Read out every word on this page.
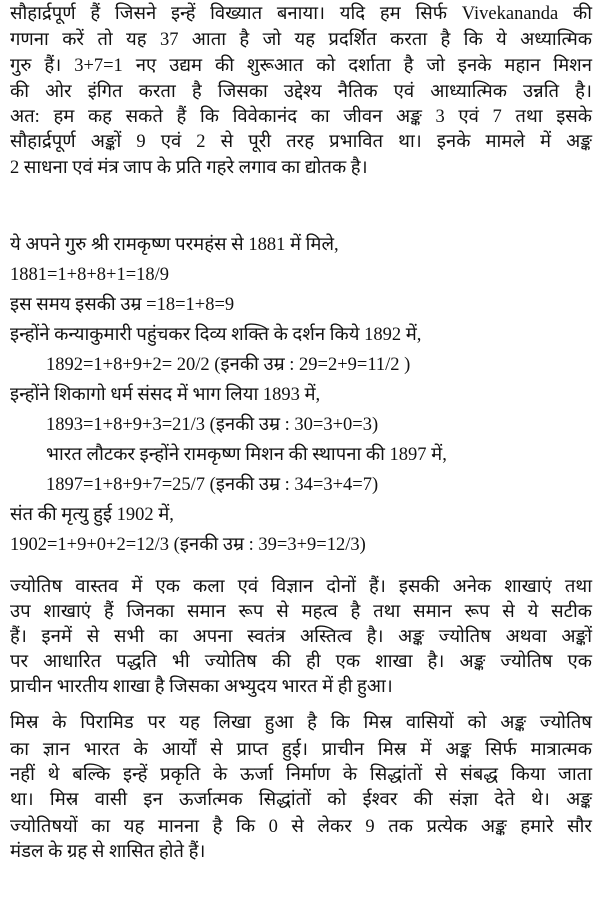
सौहार्द्रपूर्ण हैं जिसने इन्हें विख्यात बनाया। यदि हम सिर्फ Vivekananda की
गणना करें तो यह 37 आता है जो यह प्रदर्शित करता है कि ये अध्यात्मिक
गुरु हैं। 3+7=1 नए उद्यम की शुरूआत को दर्शाता है जो इनके महान मिशन
की ओर इंगित करता है जिसका उद्देश्य नैतिक एवं आध्यात्मिक उन्नति है।
अत: हम कह सकते हैं कि विवेकानंद का जीवन अङ्क 3 एवं 7 तथा इसके
सौहार्द्रपूर्ण अङ्कों 9 एवं 2 से पूरी तरह प्रभावित था। इनके मामले में अङ्क
2 साधना एवं मंत्र जाप के प्रति गहरे लगाव का द्योतक है।
ये अपने गुरु श्री रामकृष्ण परमहंस से 1881 में मिले,
1881=1+8+8+1=18/9
इस समय इसकी उम्र =18=1+8=9
इन्होंने कन्याकुमारी पहुंचकर दिव्य शक्ति के दर्शन किये 1892 में,
1892=1+8+9+2= 20/2 (इनकी उम्र : 29=2+9=11/2 )
इन्होंने शिकागो धर्म संसद में भाग लिया 1893 में,
1893=1+8+9+3=21/3 (इनकी उम्र : 30=3+0=3)
भारत लौटकर इन्होंने रामकृष्ण मिशन की स्थापना की 1897 में,
1897=1+8+9+7=25/7 (इनकी उम्र : 34=3+4=7)
संत की मृत्यु हुई 1902 में,
1902=1+9+0+2=12/3 (इनकी उम्र : 39=3+9=12/3)
ज्योतिष वास्तव में एक कला एवं विज्ञान दोनों हैं। इसकी अनेक शाखाएं तथा
उप शाखाएं हैं जिनका समान रूप से महत्व है तथा समान रूप से ये सटीक
हैं। इनमें से सभी का अपना स्वतंत्र अस्तित्व है। अङ्क ज्योतिष अथवा अङ्कों
पर आधारित पद्धति भी ज्योतिष की ही एक शाखा है। अङ्क ज्योतिष एक
प्राचीन भारतीय शाखा है जिसका अभ्युदय भारत में ही हुआ।
मिस्र के पिरामिड पर यह लिखा हुआ है कि मिस्र वासियों को अङ्क ज्योतिष
का ज्ञान भारत के आर्यों से प्राप्त हुई। प्राचीन मिस्र में अङ्क सिर्फ मात्रात्मक
नहीं थे बल्कि इन्हें प्रकृति के ऊर्जा निर्माण के सिद्धांतों से संबद्ध किया जाता
था। मिस्र वासी इन ऊर्जात्मक सिद्धांतों को ईश्वर की संज्ञा देते थे। अङ्क
ज्योतिषयों का यह मानना है कि 0 से लेकर 9 तक प्रत्येक अङ्क हमारे सौर
मंडल के ग्रह से शासित होते हैं।
